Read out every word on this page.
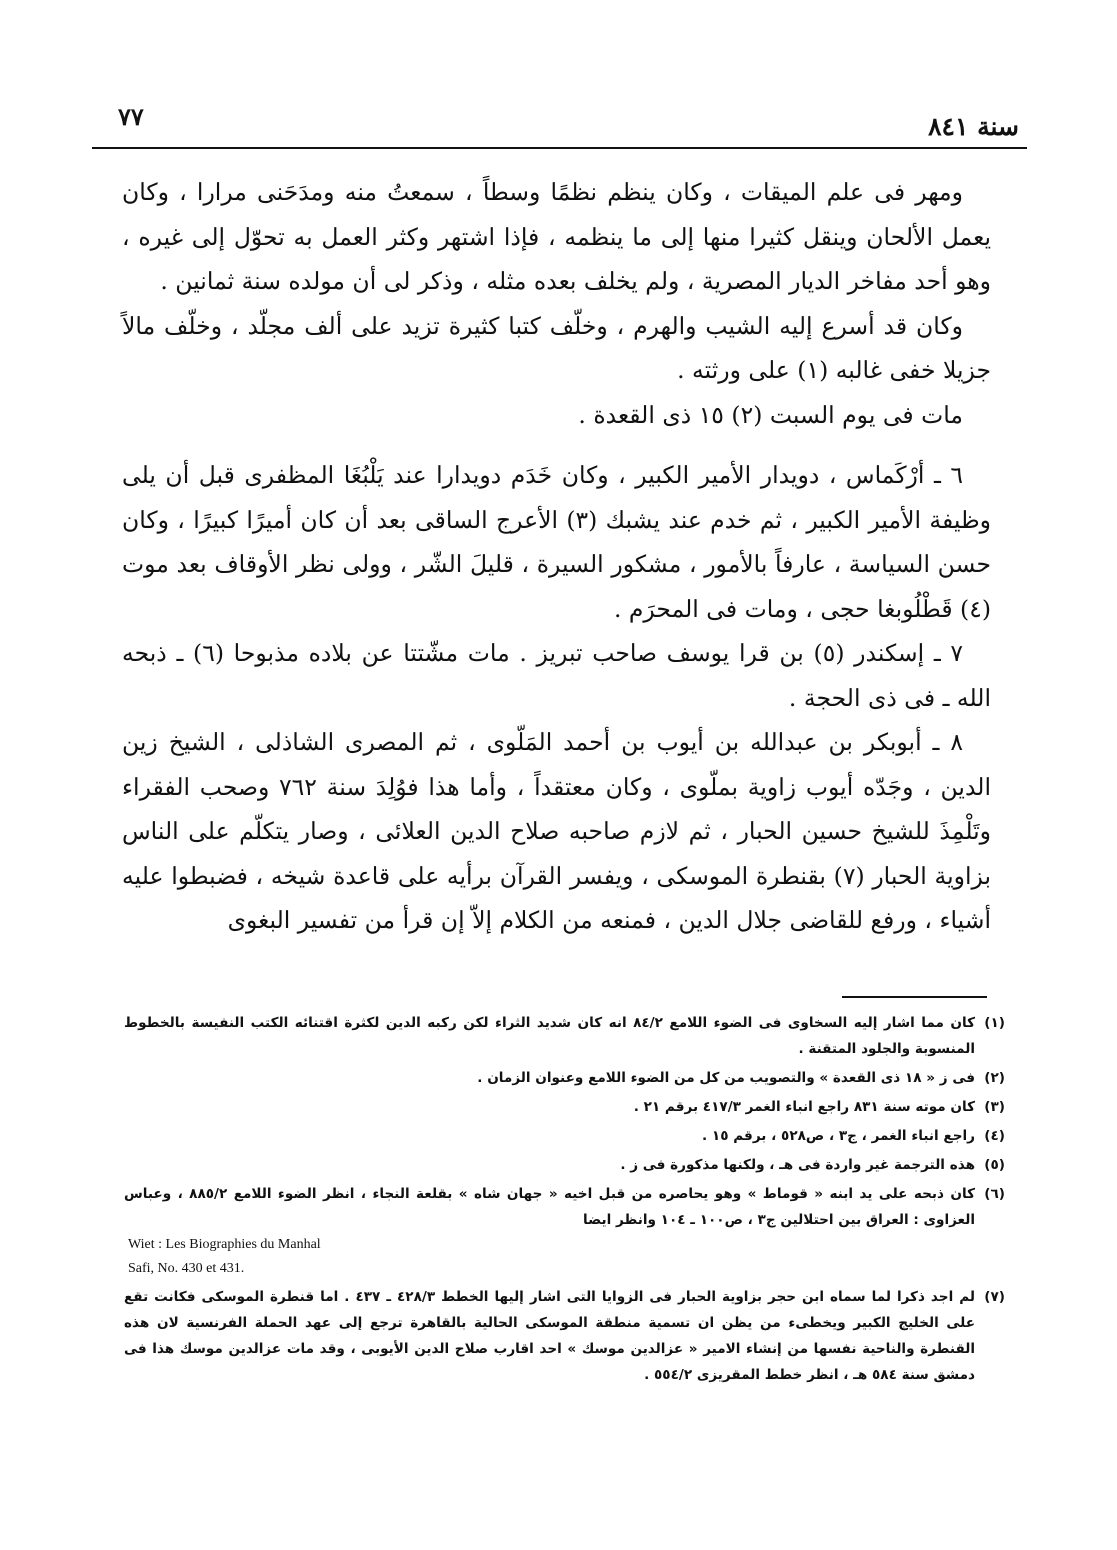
٧٧	سنة ٨٤١

ومهر فى علم الميقات ، وكان ينظم نظمًا وسطاً ، سمعتُ منه ومدَحَنى مرارا ، وكان يعمل الألحان وينقل كثيرا منها إلى ما ينظمه ، فإذا اشتهر وكثر العمل به تحوّل إلى غيره ، وهو أحد مفاخر الديار المصرية ، ولم يخلف بعده مثله ، وذكر لى أن مولده سنة ثمانين .

وكان قد أسرع إليه الشيب والهرم ، وخلّف كتبا كثيرة تزيد على ألف مجلّد ، وخلّف مالاً جزيلا خفى غالبه (١) على ورثته .

مات فى يوم السبت (٢) ١٥ ذى القعدة .

٦ ـ أرْكَماس ، دويدار الأمير الكبير ، وكان خَدَم دويدارا عند يَلْبُغَا المظفرى قبل أن يلى وظيفة الأمير الكبير ، ثم خدم عند يشبك (٣) الأعرج الساقى بعد أن كان أميرًا كبيرًا ، وكان حسن السياسة ، عارفاً بالأمور ، مشكور السيرة ، قليلَ الشّر ، وولى نظر الأوقاف بعد موت (٤) قَطْلُوبغا حجى ، ومات فى المحرَم .

٧ ـ إسكندر (٥) بن قرا يوسف صاحب تبريز . مات مشّتتا عن بلاده مذبوحا (٦) ـ ذبحه الله ـ فى ذى الحجة .

٨ ـ أبوبكر بن عبدالله بن أيوب بن أحمد المَلّوى ، ثم المصرى الشاذلى ، الشيخ زين الدين ، وجَدّه أيوب زاوية بملّوى ، وكان معتقداً ، وأما هذا فوُلِدَ سنة ٧٦٢ وصحب الفقراء وتَلْمِذَ للشيخ حسين الحبار ، ثم لازم صاحبه صلاح الدين العلائى ، وصار يتكلّم على الناس بزاوية الحبار (٧) بقنطرة الموسكى ، ويفسر القرآن برأيه على قاعدة شيخه ، فضبطوا عليه أشياء ، ورفع للقاضى جلال الدين ، فمنعه من الكلام إلاّ إن قرأ من تفسير البغوى

(١)
كان مما اشار إليه السخاوى فى الضوء اللامع ٨٤/٢ انه كان شديد الثراء لكن ركبه الدين لكثرة اقتنائه الكتب النفيسة بالخطوط المنسوبة والجلود المتقنة .
(٢)
فى ز « ١٨ ذى القعدة » والتصويب من كل من الضوء اللامع وعنوان الزمان .
(٣)
كان موته سنة ٨٣١ راجع انباء الغمر ٤١٧/٣ برقم ٢١ .
(٤)
راجع انباء الغمر ، ج٣ ، ص٥٢٨ ، برقم ١٥ .
(٥)
هذه الترجمة غير واردة فى هـ ، ولكنها مذكورة فى ز .
(٦)
كان ذبحه على يد ابنه « قوماط » وهو يحاصره من قبل اخيه « جهان شاه » بقلعة النجاء ، انظر الضوء اللامع ٨٨٥/٢ ، وعباس العزاوى : العراق بين احتلالين ج٣ ، ص١٠٠ ـ ١٠٤ وانظر ايضا
Wiet : Les Biographies du Manhal
Safi, No. 430 et 431.
(٧)
لم اجد ذكرا لما سماه ابن حجر بزاوية الحبار فى الزوايا التى اشار إليها الخطط ٤٢٨/٣ ـ ٤٣٧ . اما قنطرة الموسكى فكانت تقع على الخليج الكبير ويخطىء من يظن ان تسمية منطقة الموسكى الحالية بالقاهرة ترجع إلى عهد الحملة الفرنسية لان هذه القنطرة والناحية نفسها من إنشاء الامير « عزالدين موسك » احد اقارب صلاح الدين الأيوبى ، وقد مات عزالدين موسك هذا فى دمشق سنة ٥٨٤ هـ ، انظر خطط المقريزى ٥٥٤/٢ .
